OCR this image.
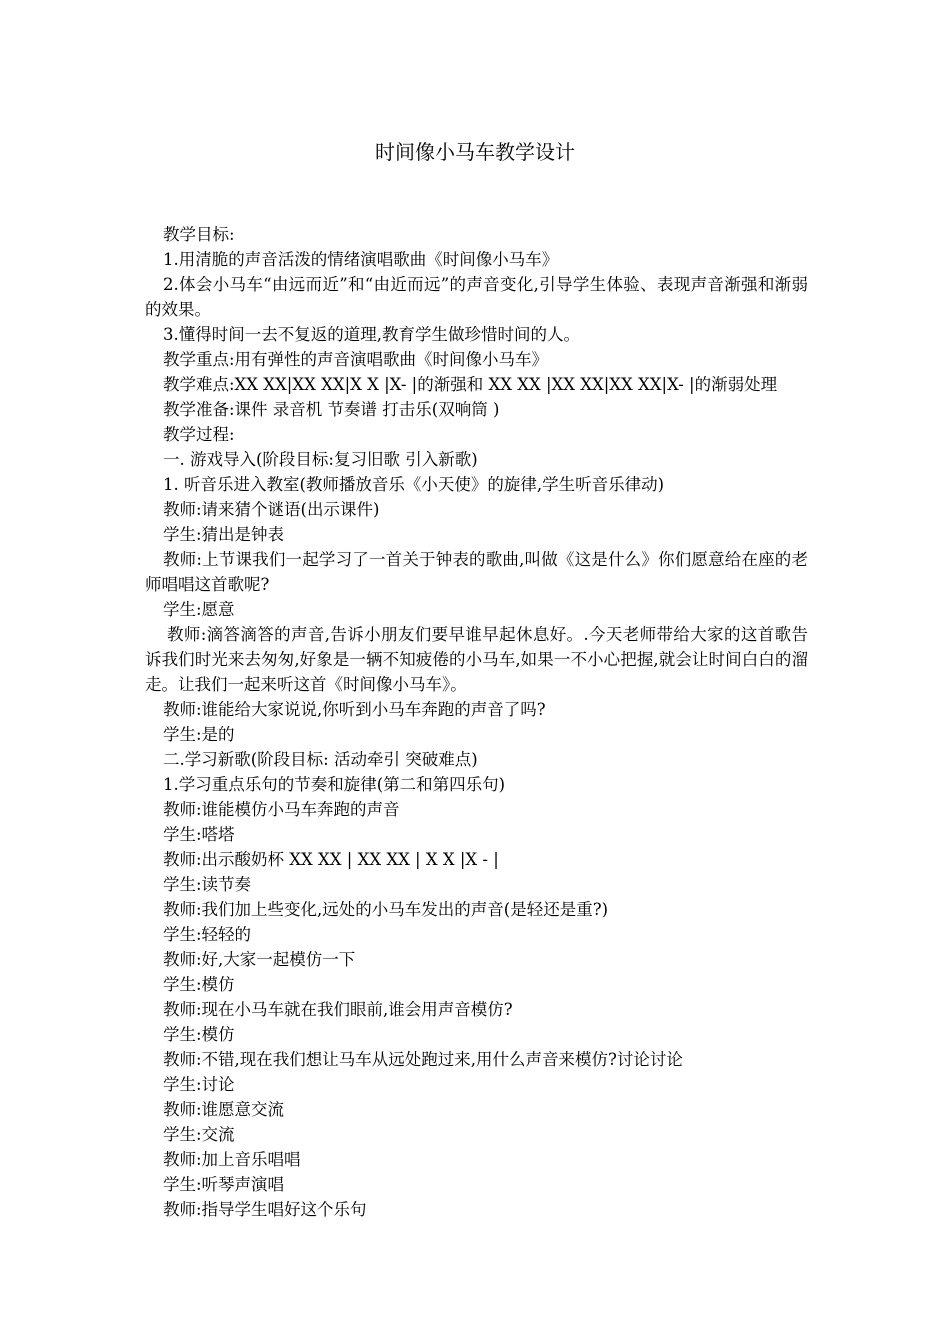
时间像小马车教学设计

教学目标:

1.用清脆的声音活泼的情绪演唱歌曲《时间像小马车》

2.体会小马车“由远而近”和“由近而远”的声音变化,引导学生体验、表现声音渐强和渐弱的效果。

3.懂得时间一去不复返的道理,教育学生做珍惜时间的人。

教学重点:用有弹性的声音演唱歌曲《时间像小马车》

教学难点:XX XX|XX XX|X X |X- |的渐强和 XX XX |XX XX|XX XX|X- |的渐弱处理

教学准备:课件 录音机 节奏谱 打击乐(双响筒 )

教学过程:

一. 游戏导入(阶段目标:复习旧歌 引入新歌)

1. 听音乐进入教室(教师播放音乐《小天使》的旋律,学生听音乐律动)

教师:请来猜个谜语(出示课件)

学生:猜出是钟表

教师:上节课我们一起学习了一首关于钟表的歌曲,叫做《这是什么》你们愿意给在座的老师唱唱这首歌呢?

学生:愿意

教师:滴答滴答的声音,告诉小朋友们要早谁早起休息好。.今天老师带给大家的这首歌告诉我们时光来去匆匆,好象是一辆不知疲倦的小马车,如果一不小心把握,就会让时间白白的溜走。让我们一起来听这首《时间像小马车》。

教师:谁能给大家说说,你听到小马车奔跑的声音了吗?

学生:是的

二.学习新歌(阶段目标: 活动牵引 突破难点)

1.学习重点乐句的节奏和旋律(第二和第四乐句)

教师:谁能模仿小马车奔跑的声音

学生:嗒塔

教师:出示酸奶杯 XX XX | XX XX | X X |X - |

学生:读节奏

教师:我们加上些变化,远处的小马车发出的声音(是轻还是重?)

学生:轻轻的

教师:好,大家一起模仿一下

学生:模仿

教师:现在小马车就在我们眼前,谁会用声音模仿?

学生:模仿

教师:不错,现在我们想让马车从远处跑过来,用什么声音来模仿?讨论讨论

学生:讨论

教师:谁愿意交流

学生:交流

教师:加上音乐唱唱

学生:听琴声演唱

教师:指导学生唱好这个乐句
